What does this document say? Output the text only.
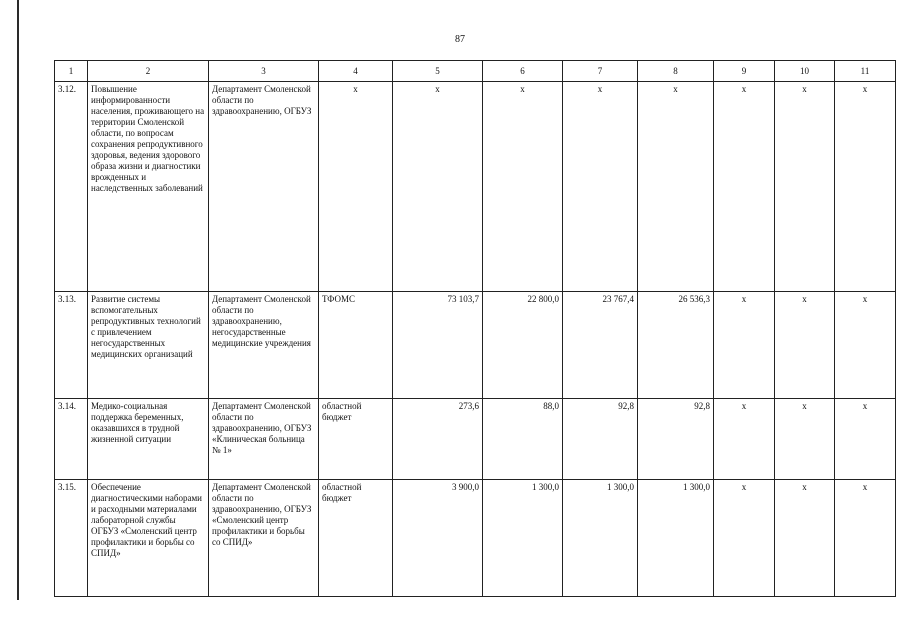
87
1	2	3	4	5	6	7	8	9	10	11
3.12.	Повышение информированности населения, проживающего на территории Смоленской области, по вопросам сохранения репродуктивного здоровья, ведения здорового образа жизни и диагностики врожденных и наследственных заболеваний	Департамент Смоленской области по здравоохранению, ОГБУЗ	х	х	х	х	х	х	х	х
3.13.	Развитие системы вспомогательных репродуктивных технологий с привлечением негосударственных медицинских организаций	Департамент Смоленской области по здравоохранению, негосударственные медицинские учреждения	ТФОМС	73 103,7	22 800,0	23 767,4	26 536,3	х	х	х
3.14.	Медико-социальная поддержка беременных, оказавшихся в трудной жизненной ситуации	Департамент Смоленской области по здравоохранению, ОГБУЗ «Клиническая больница № 1»	областной бюджет	273,6	88,0	92,8	92,8	х	х	х
3.15.	Обеспечение диагностическими наборами и расходными материалами лабораторной службы ОГБУЗ «Смоленский центр профилактики и борьбы со СПИД»	Департамент Смоленской области по здравоохранению, ОГБУЗ «Смоленский центр профилактики и борьбы со СПИД»	областной бюджет	3 900,0	1 300,0	1 300,0	1 300,0	х	х	х
